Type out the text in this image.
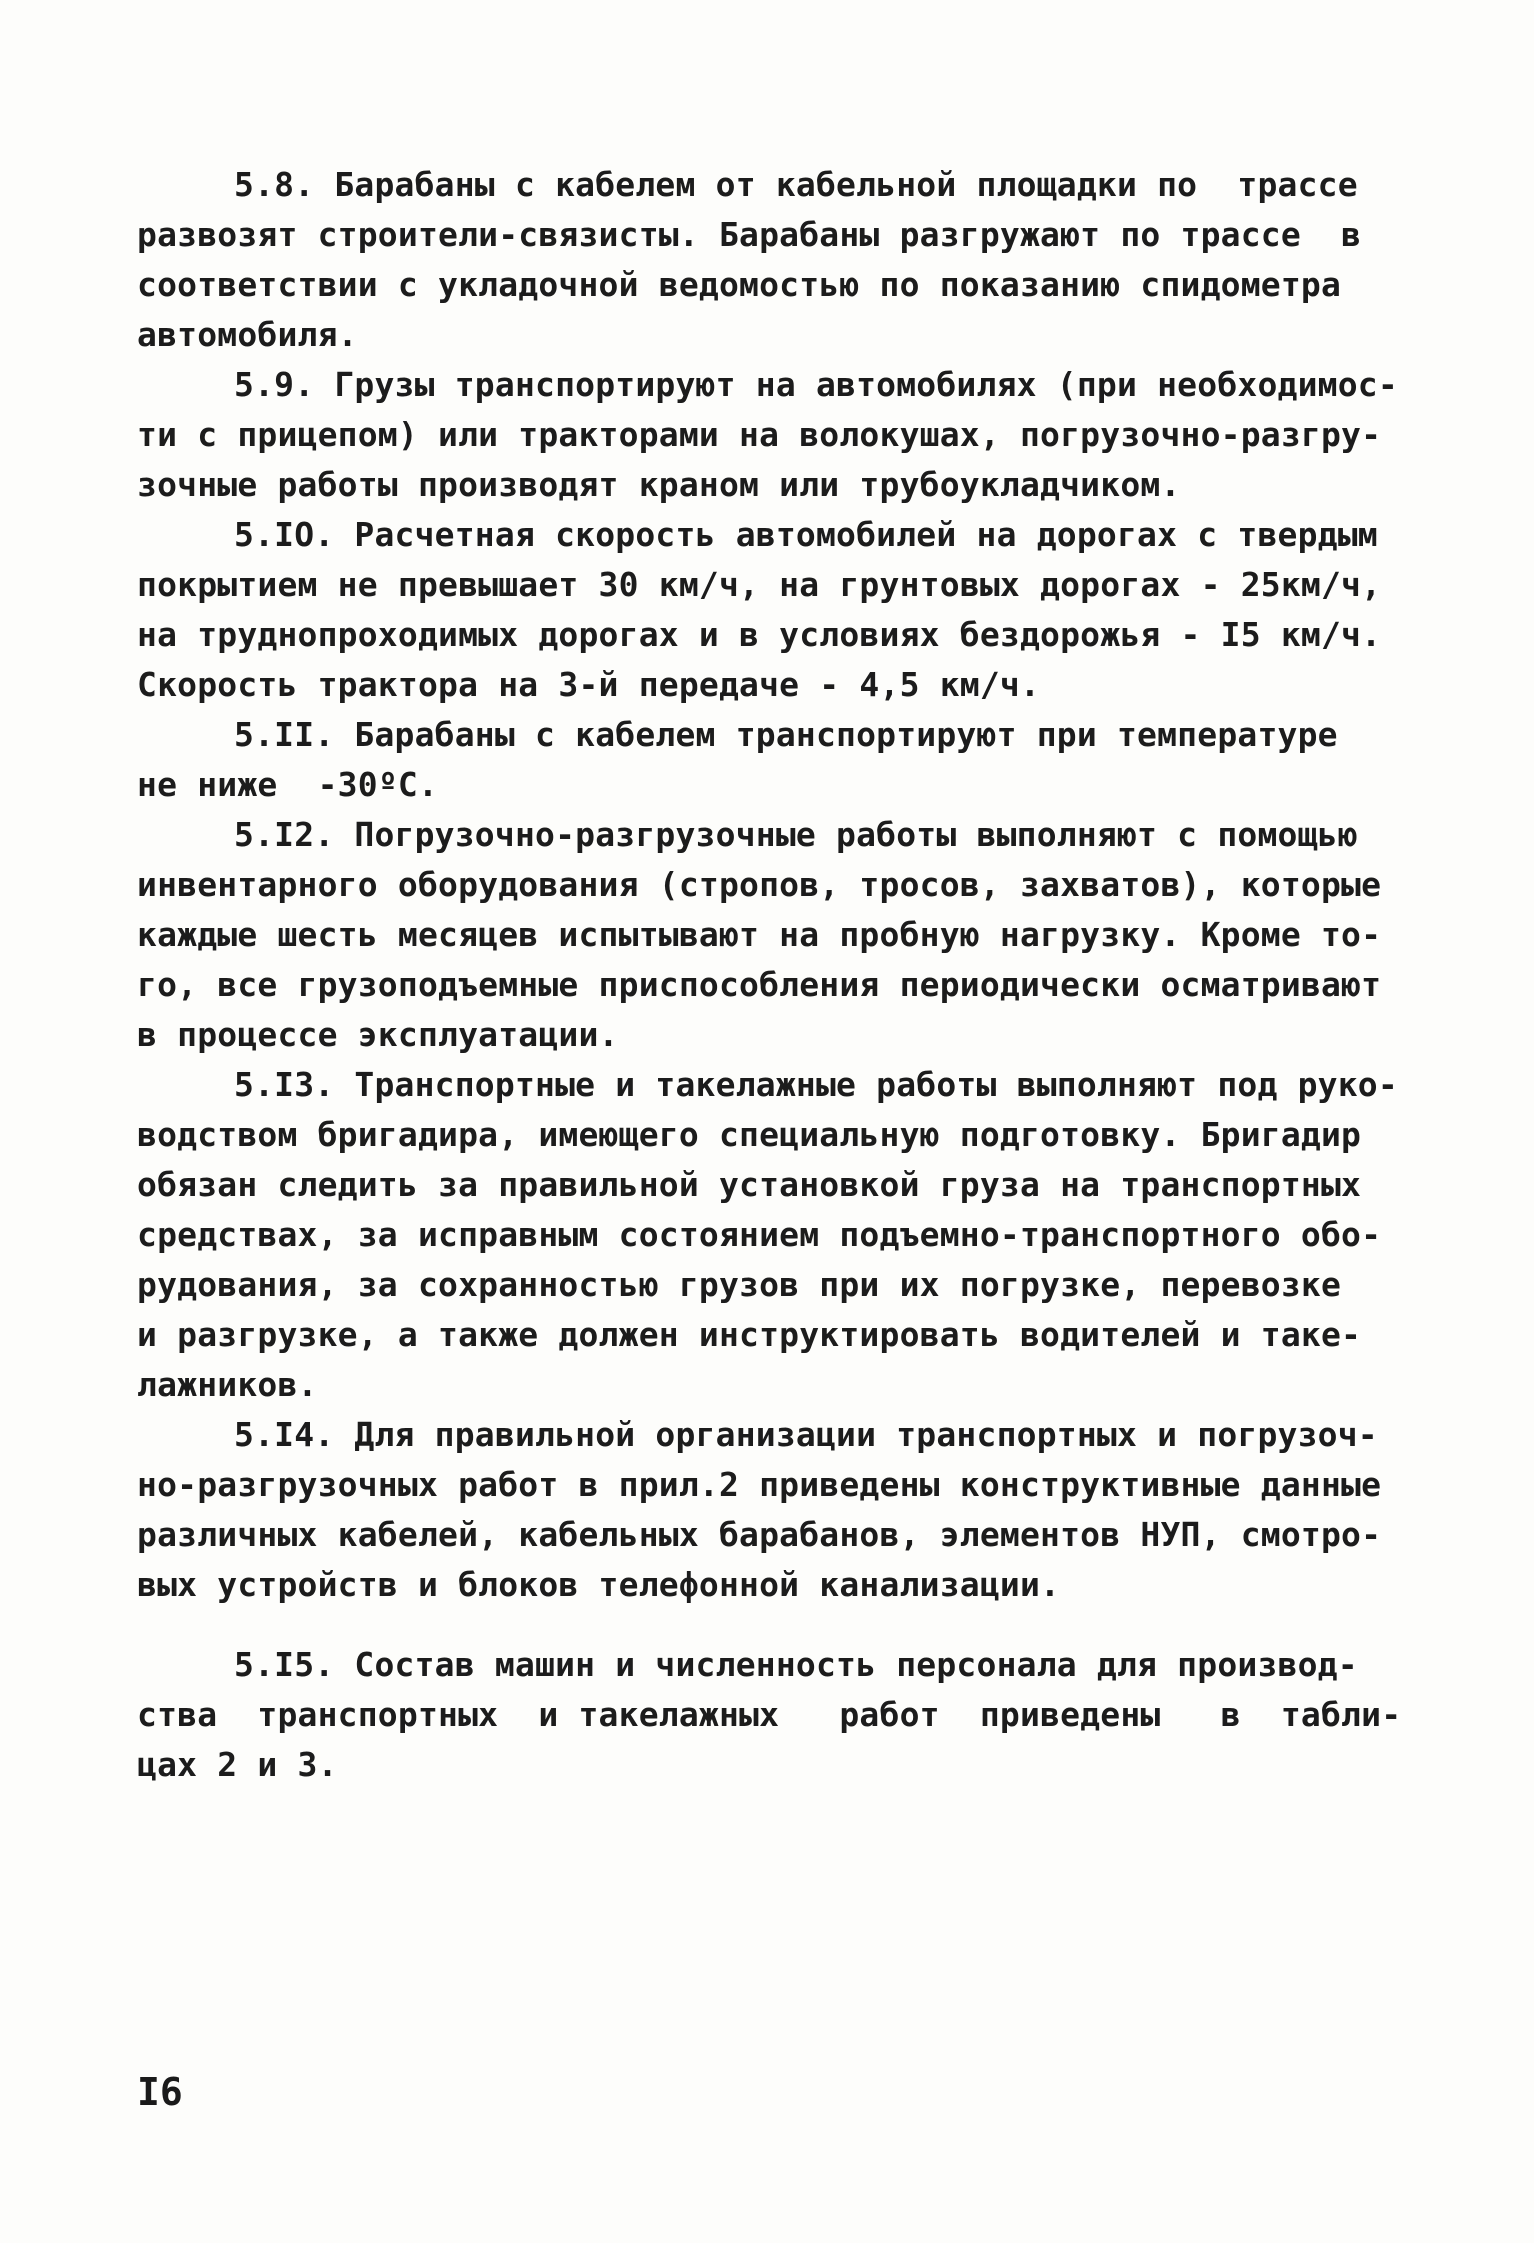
5.8. Барабаны с кабелем от кабельной площадки по  трассе
развозят строители-связисты. Барабаны разгружают по трассе  в
соответствии с укладочной ведомостью по показанию спидометра
автомобиля.
5.9. Грузы транспортируют на автомобилях (при необходимос-
ти с прицепом) или тракторами на волокушах, погрузочно-разгру-
зочные работы производят краном или трубоукладчиком.
5.IO. Расчетная скорость автомобилей на дорогах с твердым
покрытием не превышает 30 км/ч, на грунтовых дорогах - 25км/ч,
на труднопроходимых дорогах и в условиях бездорожья - I5 км/ч.
Скорость трактора на 3-й передаче - 4,5 км/ч.
5.II. Барабаны с кабелем транспортируют при температуре
не ниже  -30ºС.
5.I2. Погрузочно-разгрузочные работы выполняют с помощью
инвентарного оборудования (стропов, тросов, захватов), которые
каждые шесть месяцев испытывают на пробную нагрузку. Кроме то-
го, все грузоподъемные приспособления периодически осматривают
в процессе эксплуатации.
5.I3. Транспортные и такелажные работы выполняют под руко-
водством бригадира, имеющего специальную подготовку. Бригадир
обязан следить за правильной установкой груза на транспортных
средствах, за исправным состоянием подъемно-транспортного обо-
рудования, за сохранностью грузов при их погрузке, перевозке
и разгрузке, а также должен инструктировать водителей и таке-
лажников.
5.I4. Для правильной организации транспортных и погрузоч-
но-разгрузочных работ в прил.2 приведены конструктивные данные
различных кабелей, кабельных барабанов, элементов НУП, смотро-
вых устройств и блоков телефонной канализации.
5.I5. Состав машин и численность персонала для производ-
ства  транспортных  и такелажных   работ  приведены   в  табли-
цах 2 и 3.
I6
